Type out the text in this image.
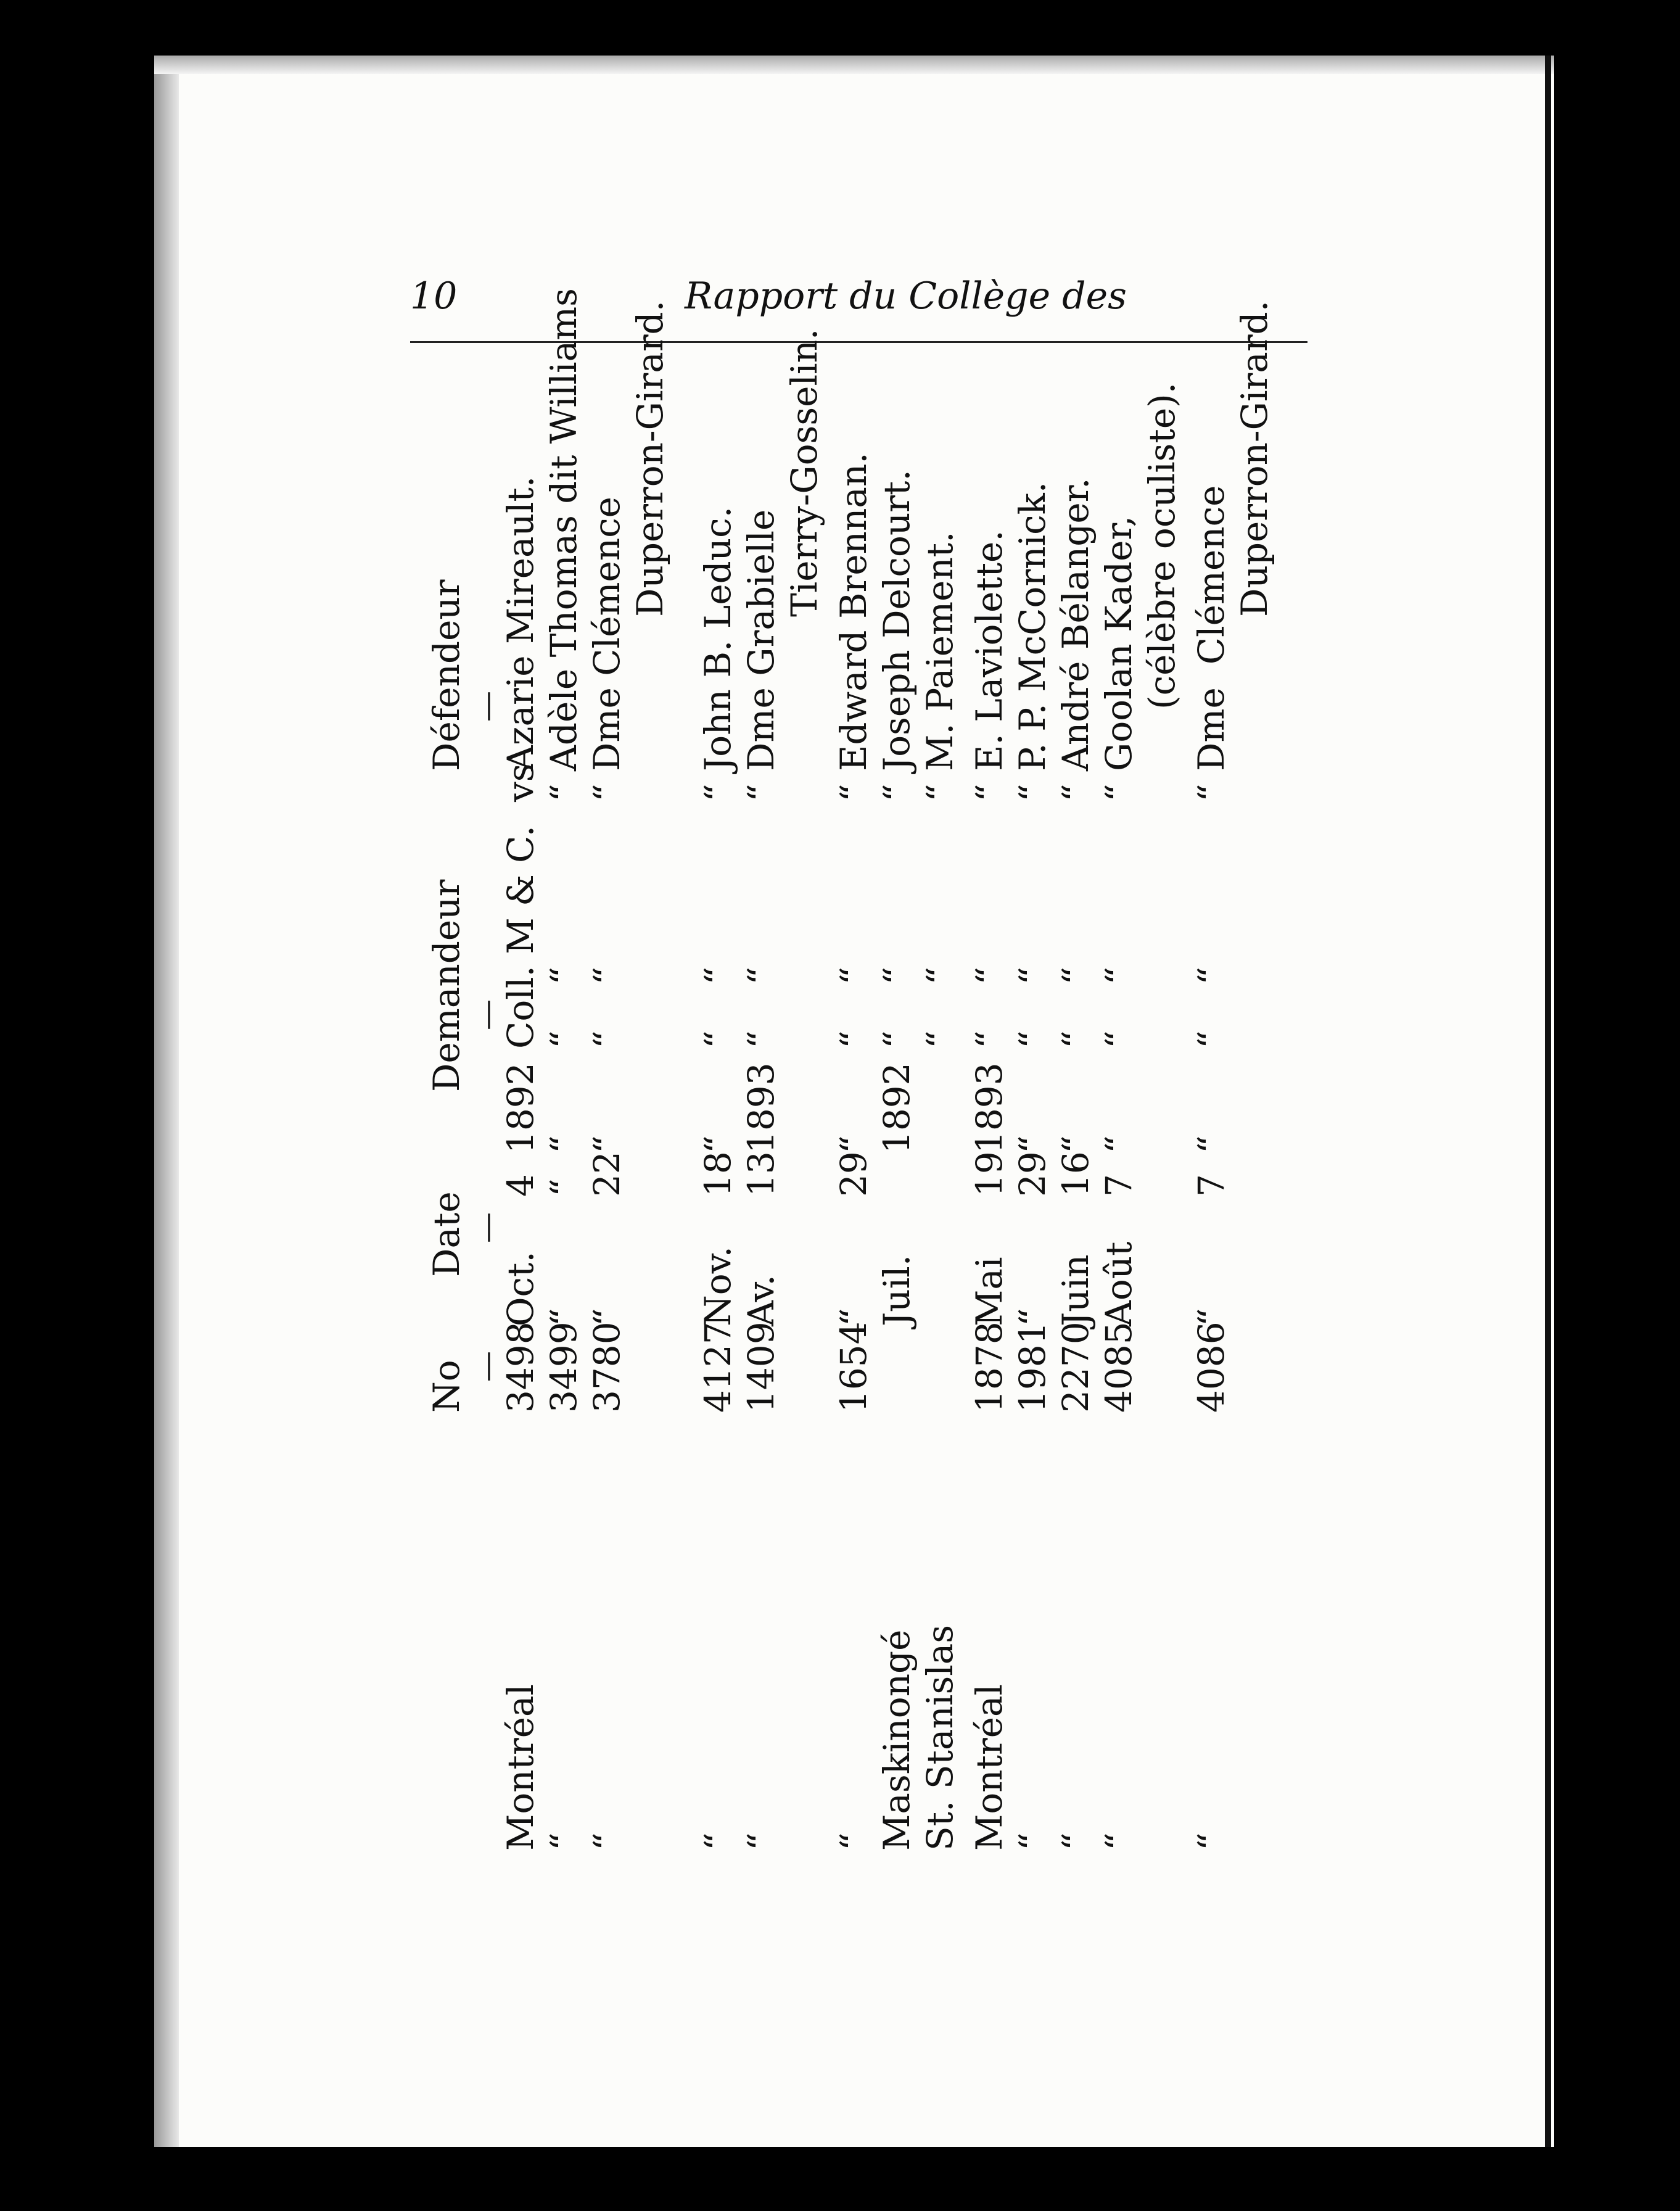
10	Rapport du Collège des
No
Date
Demandeur
Défendeur
—
—
—
—
Montréal
3498
Oct.
4
1892
Coll. M & C.
vs
Azarie Mireault.
“
3499
“
“
“
“    “
“
Adèle Thomas dit Williams
“
3780
“
22
“
“    “
“
Dme Clémence
Duperron-Girard.
“
4127
Nov.
18
“
“    “
“
John B. Leduc.
“
1409
Av.
13
1893
“    “
“
Dme Grabielle
Tierry-Gosselin.
“
1654
“
29
“
“    “
“
Edward Brennan.
Maskinongé
Juil.
1892
“    “
“
Joseph Delcourt.
St. Stanislas
“    “
“
M. Paiement.
Montréal
1878
Mai
19
1893
“    “
“
E. Laviolette.
“
1981
“
29
“
“    “
“
P. P. McCornick.
“
2270
Juin
16
“
“    “
“
André Bélanger.
“
4085
Août
7
“
“    “
“
Goolan Kader, (célèbre oculiste).
“
4086
“
7
“
“    “
“
Dme  Clémence
Duperron-Girard.
